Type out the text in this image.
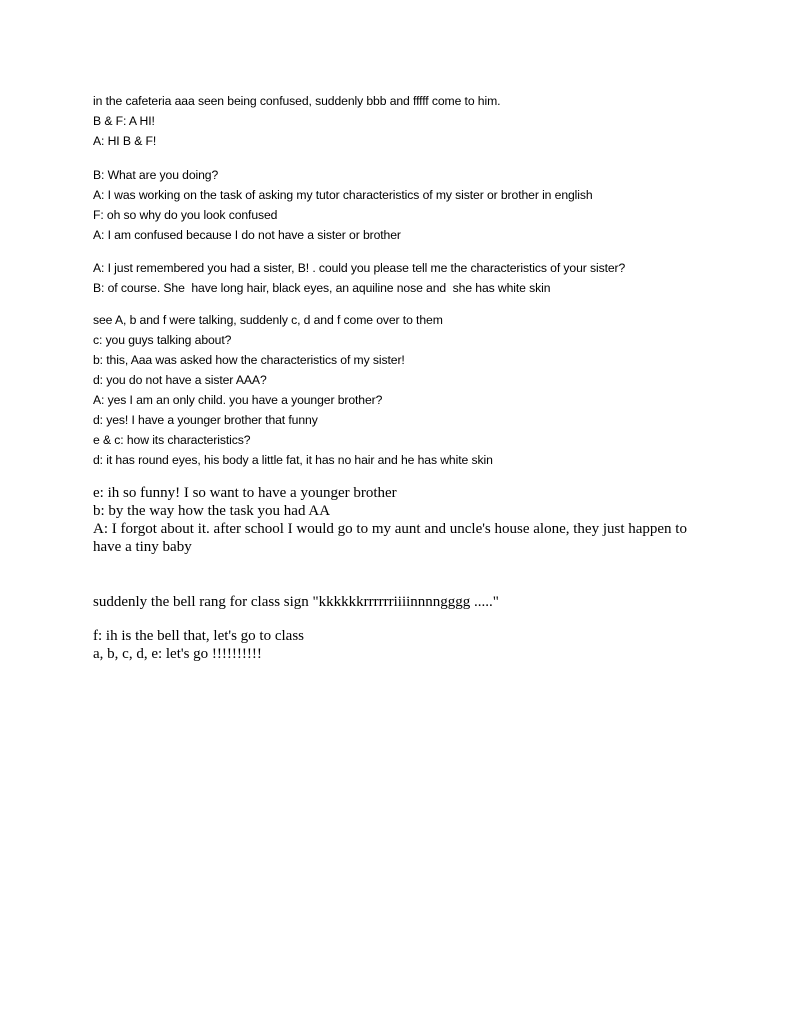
in the cafeteria aaa seen being confused, suddenly bbb and fffff come to him.
B & F: A HI!
A: HI B & F!
B: What are you doing?
A: I was working on the task of asking my tutor characteristics of my sister or brother in english
F: oh so why do you look confused
A: I am confused because I do not have a sister or brother
A: I just remembered you had a sister, B! . could you please tell me the characteristics of your sister?
B: of course. She  have long hair, black eyes, an aquiline nose and  she has white skin
see A, b and f were talking, suddenly c, d and f come over to them
c: you guys talking about?
b: this, Aaa was asked how the characteristics of my sister!
d: you do not have a sister AAA?
A: yes I am an only child. you have a younger brother?
d: yes! I have a younger brother that funny
e & c: how its characteristics?
d: it has round eyes, his body a little fat, it has no hair and he has white skin
e: ih so funny! I so want to have a younger brother
b: by the way how the task you had AA
A: I forgot about it. after school I would go to my aunt and uncle's house alone, they just happen to have a tiny baby
suddenly the bell rang for class sign "kkkkkkrrrrrriiiinnnngggg ....."
f: ih is the bell that, let's go to class
a, b, c, d, e: let's go !!!!!!!!!!
